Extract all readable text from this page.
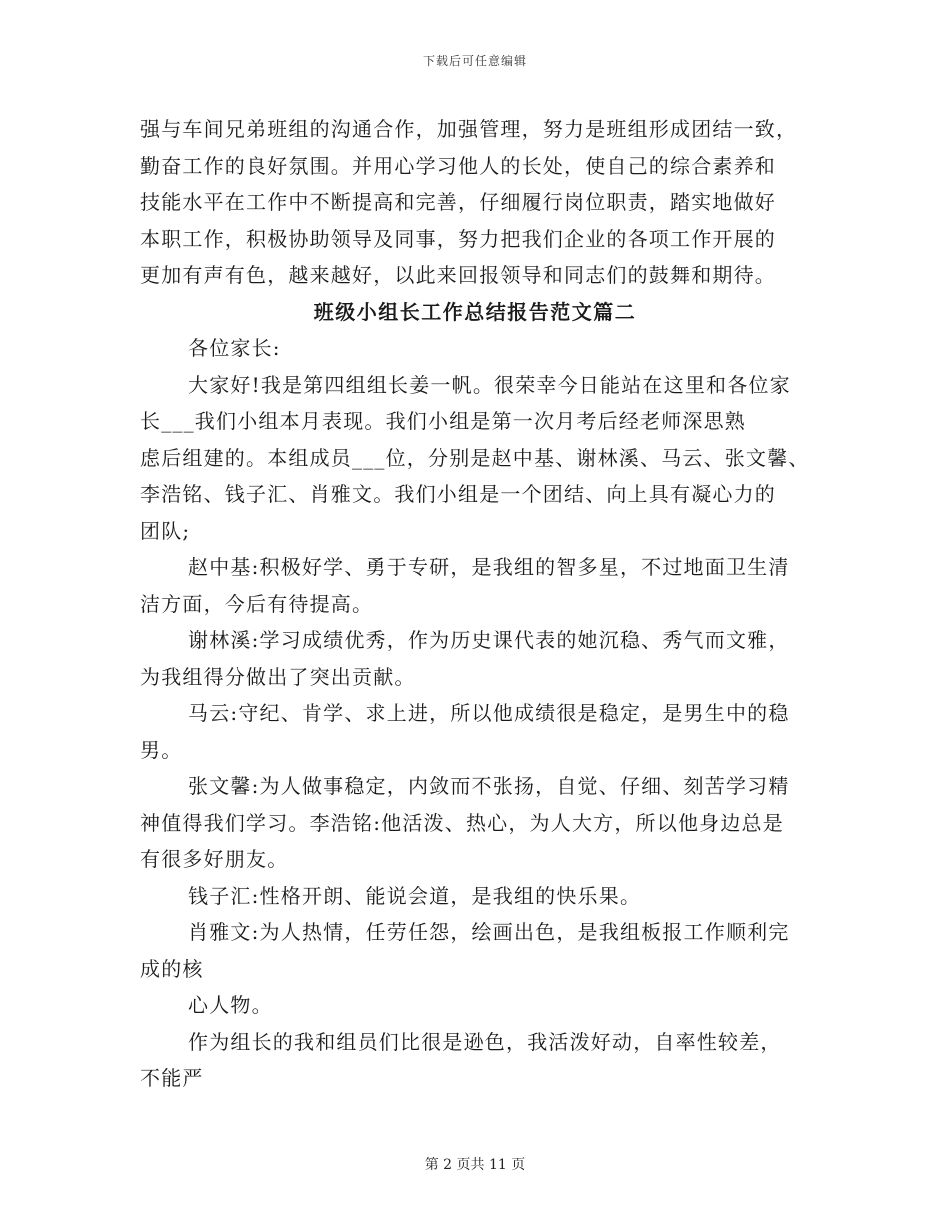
下载后可任意编辑
强与车间兄弟班组的沟通合作，加强管理，努力是班组形成团结一致，
勤奋工作的良好氛围。并用心学习他人的长处，使自己的综合素养和
技能水平在工作中不断提高和完善，仔细履行岗位职责，踏实地做好
本职工作，积极协助领导及同事，努力把我们企业的各项工作开展的
更加有声有色，越来越好，以此来回报领导和同志们的鼓舞和期待。
班级小组长工作总结报告范文篇二
各位家长:
大家好!我是第四组组长姜一帆。很荣幸今日能站在这里和各位家
长___我们小组本月表现。我们小组是第一次月考后经老师深思熟
虑后组建的。本组成员___位，分别是赵中基、谢林溪、马云、张文馨、
李浩铭、钱子汇、肖雅文。我们小组是一个团结、向上具有凝心力的
团队;
赵中基:积极好学、勇于专研，是我组的智多星，不过地面卫生清
洁方面，今后有待提高。
谢林溪:学习成绩优秀，作为历史课代表的她沉稳、秀气而文雅，
为我组得分做出了突出贡献。
马云:守纪、肯学、求上进，所以他成绩很是稳定，是男生中的稳
男。
张文馨:为人做事稳定，内敛而不张扬，自觉、仔细、刻苦学习精
神值得我们学习。李浩铭:他活泼、热心，为人大方，所以他身边总是
有很多好朋友。
钱子汇:性格开朗、能说会道，是我组的快乐果。
肖雅文:为人热情，任劳任怨，绘画出色，是我组板报工作顺利完
成的核
心人物。
作为组长的我和组员们比很是逊色，我活泼好动，自率性较差，
不能严
第 2 页共 11 页
